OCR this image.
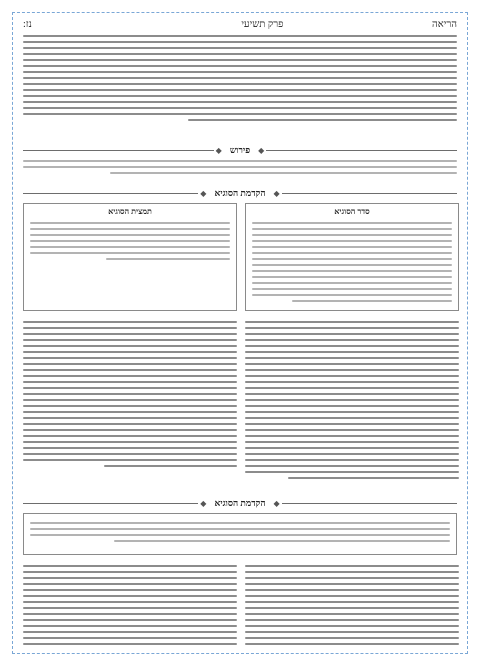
הריאה
פרק תשיעי
נז:
◆
פירוש
◆
◆
הקדמת הסוגיא
◆
סדר הסוגיא
תמצית הסוגיא
◆
הקדמת הסוגיא
◆
